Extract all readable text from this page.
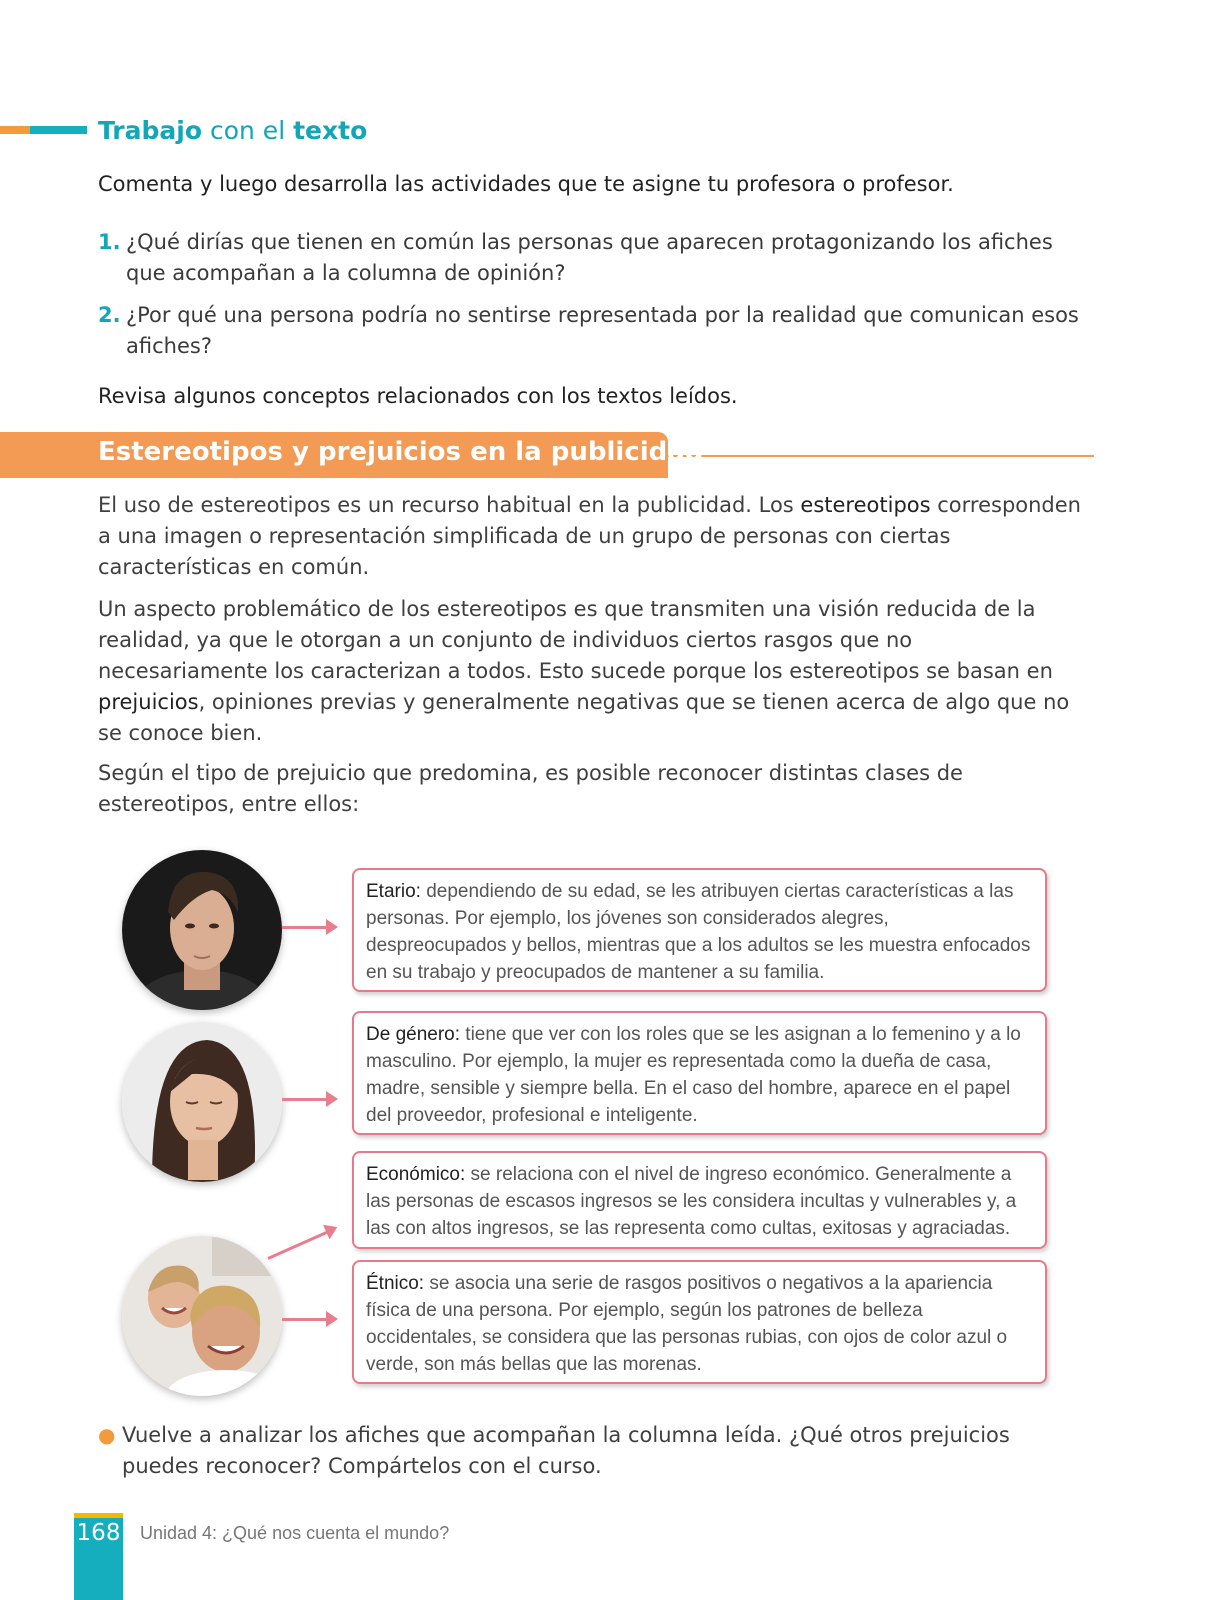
Trabajo con el texto
Comenta y luego desarrolla las actividades que te asigne tu profesora o profesor.
1. ¿Qué dirías que tienen en común las personas que aparecen protagonizando los afiches que acompañan a la columna de opinión?
2. ¿Por qué una persona podría no sentirse representada por la realidad que comunican esos afiches?
Revisa algunos conceptos relacionados con los textos leídos.
Estereotipos y prejuicios en la publicidad
El uso de estereotipos es un recurso habitual en la publicidad. Los estereotipos corresponden a una imagen o representación simplificada de un grupo de personas con ciertas características en común.
Un aspecto problemático de los estereotipos es que transmiten una visión reducida de la realidad, ya que le otorgan a un conjunto de individuos ciertos rasgos que no necesariamente los caracterizan a todos. Esto sucede porque los estereotipos se basan en prejuicios, opiniones previas y generalmente negativas que se tienen acerca de algo que no se conoce bien.
Según el tipo de prejuicio que predomina, es posible reconocer distintas clases de estereotipos, entre ellos:
Etario: dependiendo de su edad, se les atribuyen ciertas características a las personas. Por ejemplo, los jóvenes son considerados alegres, despreocupados y bellos, mientras que a los adultos se les muestra enfocados en su trabajo y preocupados de mantener a su familia.
De género: tiene que ver con los roles que se les asignan a lo femenino y a lo masculino. Por ejemplo, la mujer es representada como la dueña de casa, madre, sensible y siempre bella. En el caso del hombre, aparece en el papel del proveedor, profesional e inteligente.
Económico: se relaciona con el nivel de ingreso económico. Generalmente a las personas de escasos ingresos se les considera incultas y vulnerables y, a las con altos ingresos, se las representa como cultas, exitosas y agraciadas.
Étnico: se asocia una serie de rasgos positivos o negativos a la apariencia física de una persona. Por ejemplo, según los patrones de belleza occidentales, se considera que las personas rubias, con ojos de color azul o verde, son más bellas que las morenas.
● Vuelve a analizar los afiches que acompañan la columna leída. ¿Qué otros prejuicios puedes reconocer? Compártelos con el curso.
168 Unidad 4: ¿Qué nos cuenta el mundo?
